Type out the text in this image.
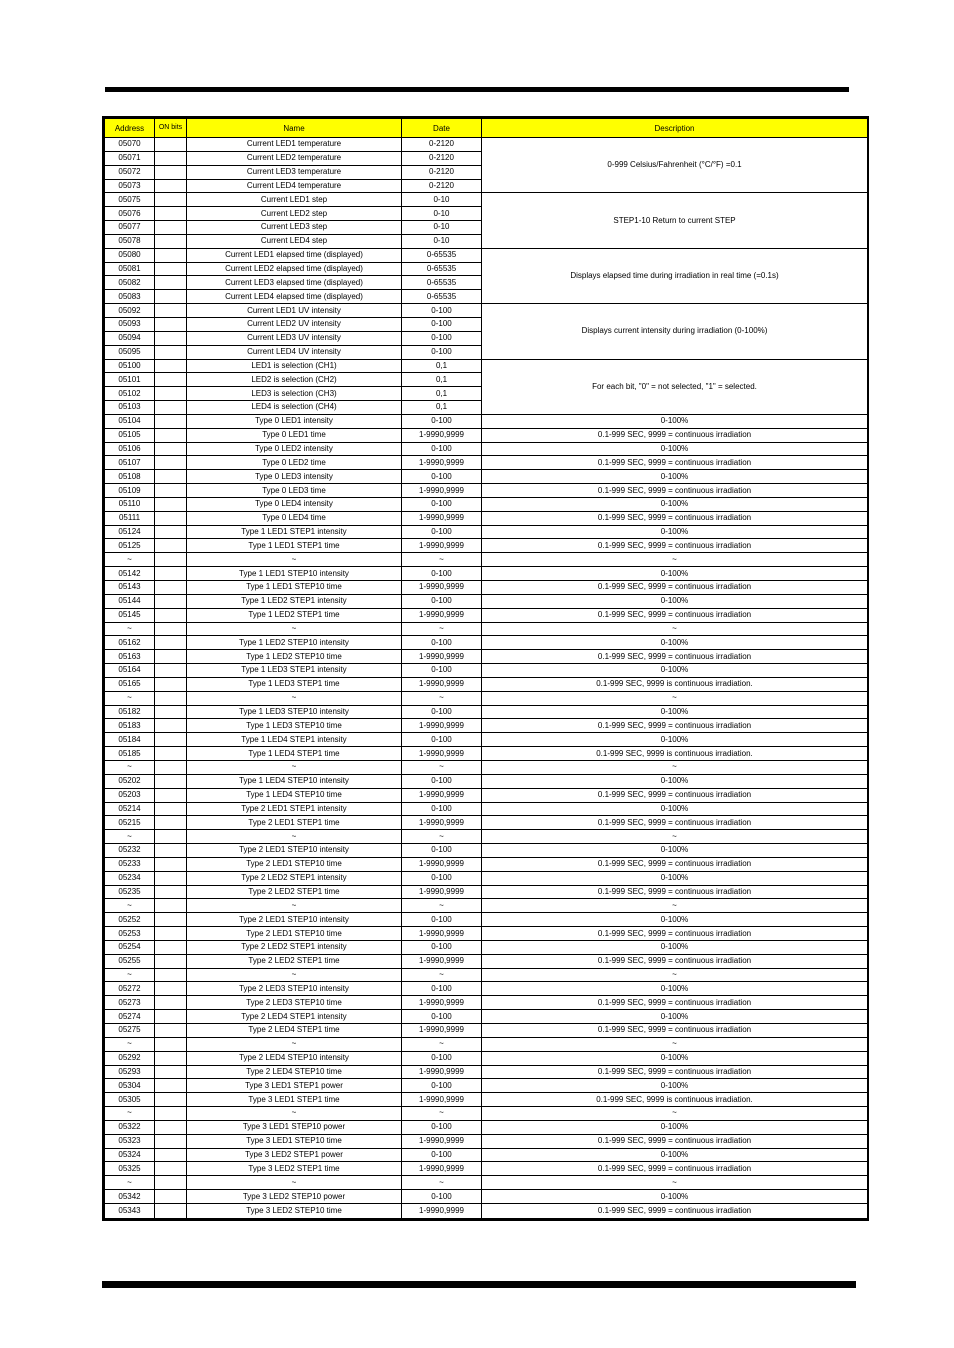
Address	ON bits	Name	Date	Description
05070		Current LED1 temperature	0-2120	0-999 Celsius/Fahrenheit (°C/°F) =0.1
05071		Current LED2 temperature	0-2120	
05072		Current LED3 temperature	0-2120	
05073		Current LED4 temperature	0-2120	
05075		Current LED1 step	0-10	STEP1-10 Return to current STEP
05076		Current LED2 step	0-10	
05077		Current LED3 step	0-10	
05078		Current LED4 step	0-10	
05080		Current LED1 elapsed time (displayed)	0-65535	Displays elapsed time during irradiation in real time (=0.1s)
05081		Current LED2 elapsed time (displayed)	0-65535	
05082		Current LED3 elapsed time (displayed)	0-65535	
05083		Current LED4 elapsed time (displayed)	0-65535	
05092		Current LED1 UV intensity	0-100	Displays current intensity during irradiation (0-100%)
05093		Current LED2 UV intensity	0-100	
05094		Current LED3 UV intensity	0-100	
05095		Current LED4 UV intensity	0-100	
05100		LED1 is selection (CH1)	0,1	For each bit, "0" = not selected, "1" = selected.
05101		LED2 is selection (CH2)	0,1	
05102		LED3 is selection (CH3)	0,1	
05103		LED4 is selection (CH4)	0,1	
05104		Type 0 LED1 intensity	0-100	0-100%
05105		Type 0 LED1 time	1-9990,9999	0.1-999 SEC, 9999 = continuous irradiation
05106		Type 0 LED2 intensity	0-100	0-100%
05107		Type 0 LED2 time	1-9990,9999	0.1-999 SEC, 9999 = continuous irradiation
05108		Type 0 LED3 intensity	0-100	0-100%
05109		Type 0 LED3 time	1-9990,9999	0.1-999 SEC, 9999 = continuous irradiation
05110		Type 0 LED4 intensity	0-100	0-100%
05111		Type 0 LED4 time	1-9990,9999	0.1-999 SEC, 9999 = continuous irradiation
05124		Type 1 LED1 STEP1 intensity	0-100	0-100%
05125		Type 1 LED1 STEP1 time	1-9990,9999	0.1-999 SEC, 9999 = continuous irradiation
~		~	~	~
05142		Type 1 LED1 STEP10 intensity	0-100	0-100%
05143		Type 1 LED1 STEP10 time	1-9990,9999	0.1-999 SEC, 9999 = continuous irradiation
05144		Type 1 LED2 STEP1 intensity	0-100	0-100%
05145		Type 1 LED2 STEP1 time	1-9990,9999	0.1-999 SEC, 9999 = continuous irradiation
~		~	~	~
05162		Type 1 LED2 STEP10 intensity	0-100	0-100%
05163		Type 1 LED2 STEP10 time	1-9990,9999	0.1-999 SEC, 9999 = continuous irradiation
05164		Type 1 LED3 STEP1 intensity	0-100	0-100%
05165		Type 1 LED3 STEP1 time	1-9990,9999	0.1-999 SEC, 9999 is continuous irradiation.
~		~	~	~
05182		Type 1 LED3 STEP10 intensity	0-100	0-100%
05183		Type 1 LED3 STEP10 time	1-9990,9999	0.1-999 SEC, 9999 = continuous irradiation
05184		Type 1 LED4 STEP1 intensity	0-100	0-100%
05185		Type 1 LED4 STEP1 time	1-9990,9999	0.1-999 SEC, 9999 is continuous irradiation.
~		~	~	~
05202		Type 1 LED4 STEP10 intensity	0-100	0-100%
05203		Type 1 LED4 STEP10 time	1-9990,9999	0.1-999 SEC, 9999 = continuous irradiation
05214		Type 2 LED1 STEP1 intensity	0-100	0-100%
05215		Type 2 LED1 STEP1 time	1-9990,9999	0.1-999 SEC, 9999 = continuous irradiation
~		~	~	~
05232		Type 2 LED1 STEP10 intensity	0-100	0-100%
05233		Type 2 LED1 STEP10 time	1-9990,9999	0.1-999 SEC, 9999 = continuous irradiation
05234		Type 2 LED2 STEP1 intensity	0-100	0-100%
05235		Type 2 LED2 STEP1 time	1-9990,9999	0.1-999 SEC, 9999 = continuous irradiation
~		~	~	~
05252		Type 2 LED1 STEP10 intensity	0-100	0-100%
05253		Type 2 LED1 STEP10 time	1-9990,9999	0.1-999 SEC, 9999 = continuous irradiation
05254		Type 2 LED2 STEP1 intensity	0-100	0-100%
05255		Type 2 LED2 STEP1 time	1-9990,9999	0.1-999 SEC, 9999 = continuous irradiation
~		~	~	~
05272		Type 2 LED3 STEP10 intensity	0-100	0-100%
05273		Type 2 LED3 STEP10 time	1-9990,9999	0.1-999 SEC, 9999 = continuous irradiation
05274		Type 2 LED4 STEP1 intensity	0-100	0-100%
05275		Type 2 LED4 STEP1 time	1-9990,9999	0.1-999 SEC, 9999 = continuous irradiation
~		~	~	~
05292		Type 2 LED4 STEP10 intensity	0-100	0-100%
05293		Type 2 LED4 STEP10 time	1-9990,9999	0.1-999 SEC, 9999 = continuous irradiation
05304		Type 3 LED1 STEP1 power	0-100	0-100%
05305		Type 3 LED1 STEP1 time	1-9990,9999	0.1-999 SEC, 9999 is continuous irradiation.
~		~	~	~
05322		Type 3 LED1 STEP10 power	0-100	0-100%
05323		Type 3 LED1 STEP10 time	1-9990,9999	0.1-999 SEC, 9999 = continuous irradiation
05324		Type 3 LED2 STEP1 power	0-100	0-100%
05325		Type 3 LED2 STEP1 time	1-9990,9999	0.1-999 SEC, 9999 = continuous irradiation
~		~	~	~
05342		Type 3 LED2 STEP10 power	0-100	0-100%
05343		Type 3 LED2 STEP10 time	1-9990,9999	0.1-999 SEC, 9999 = continuous irradiation
